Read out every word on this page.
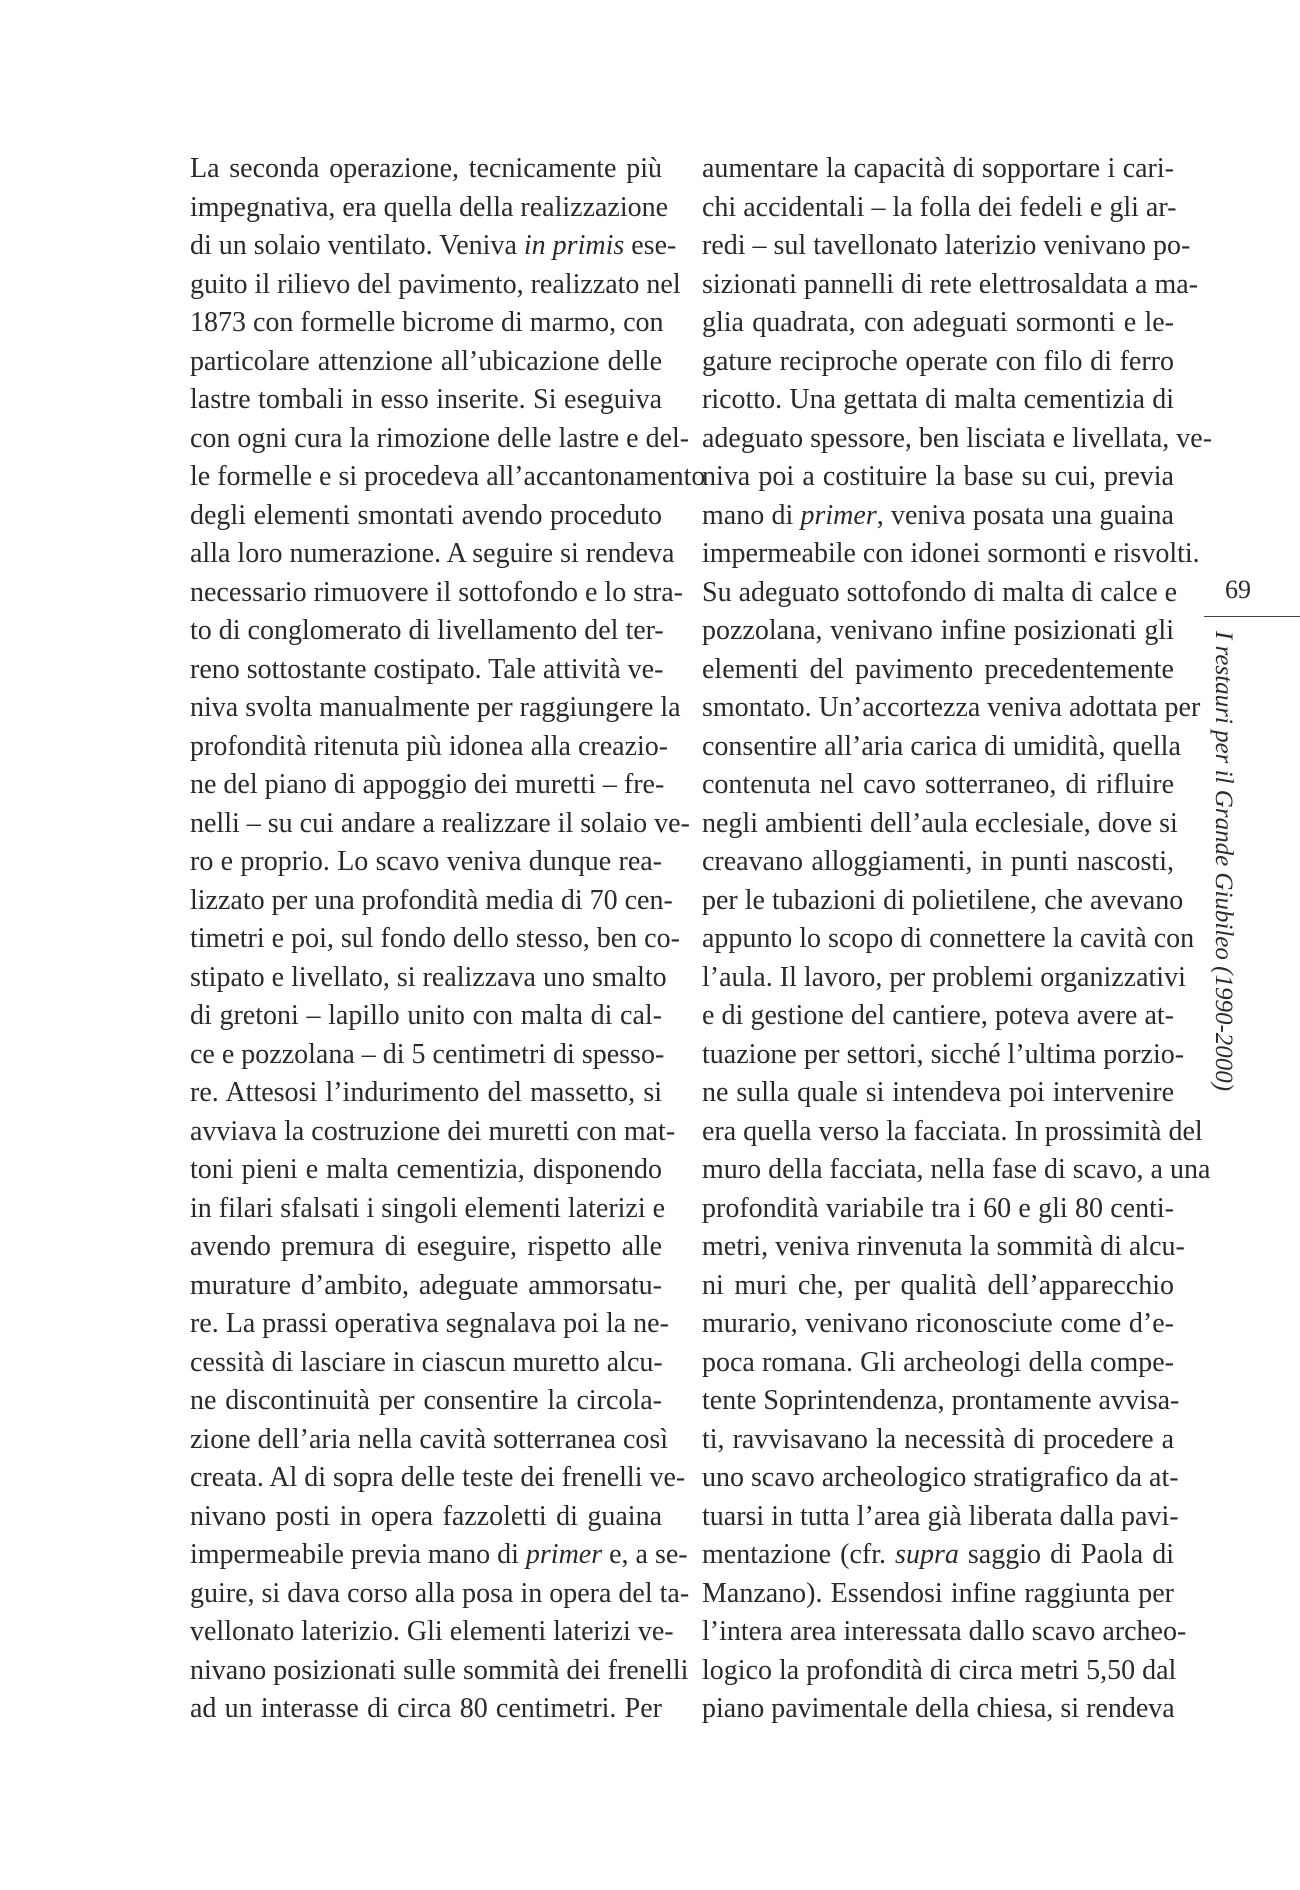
La seconda operazione, tecnicamente più
impegnativa, era quella della realizzazione
di un solaio ventilato. Veniva in primis ese-
guito il rilievo del pavimento, realizzato nel
1873 con formelle bicrome di marmo, con
particolare attenzione all’ubicazione delle
lastre tombali in esso inserite. Si eseguiva
con ogni cura la rimozione delle lastre e del-
le formelle e si procedeva all’accantonamento
degli elementi smontati avendo proceduto
alla loro numerazione. A seguire si rendeva
necessario rimuovere il sottofondo e lo stra-
to di conglomerato di livellamento del ter-
reno sottostante costipato. Tale attività ve-
niva svolta manualmente per raggiungere la
profondità ritenuta più idonea alla creazio-
ne del piano di appoggio dei muretti – fre-
nelli – su cui andare a realizzare il solaio ve-
ro e proprio. Lo scavo veniva dunque rea-
lizzato per una profondità media di 70 cen-
timetri e poi, sul fondo dello stesso, ben co-
stipato e livellato, si realizzava uno smalto
di gretoni – lapillo unito con malta di cal-
ce e pozzolana – di 5 centimetri di spesso-
re. Attesosi l’indurimento del massetto, si
avviava la costruzione dei muretti con mat-
toni pieni e malta cementizia, disponendo
in filari sfalsati i singoli elementi laterizi e
avendo premura di eseguire, rispetto alle
murature d’ambito, adeguate ammorsatu-
re. La prassi operativa segnalava poi la ne-
cessità di lasciare in ciascun muretto alcu-
ne discontinuità per consentire la circola-
zione dell’aria nella cavità sotterranea così
creata. Al di sopra delle teste dei frenelli ve-
nivano posti in opera fazzoletti di guaina
impermeabile previa mano di primer e, a se-
guire, si dava corso alla posa in opera del ta-
vellonato laterizio. Gli elementi laterizi ve-
nivano posizionati sulle sommità dei frenelli
ad un interasse di circa 80 centimetri. Per
aumentare la capacità di sopportare i cari-
chi accidentali – la folla dei fedeli e gli ar-
redi – sul tavellonato laterizio venivano po-
sizionati pannelli di rete elettrosaldata a ma-
glia quadrata, con adeguati sormonti e le-
gature reciproche operate con filo di ferro
ricotto. Una gettata di malta cementizia di
adeguato spessore, ben lisciata e livellata, ve-
niva poi a costituire la base su cui, previa
mano di primer, veniva posata una guaina
impermeabile con idonei sormonti e risvolti.
Su adeguato sottofondo di malta di calce e
pozzolana, venivano infine posizionati gli
elementi del pavimento precedentemente
smontato. Un’accortezza veniva adottata per
consentire all’aria carica di umidità, quella
contenuta nel cavo sotterraneo, di rifluire
negli ambienti dell’aula ecclesiale, dove si
creavano alloggiamenti, in punti nascosti,
per le tubazioni di polietilene, che avevano
appunto lo scopo di connettere la cavità con
l’aula. Il lavoro, per problemi organizzativi
e di gestione del cantiere, poteva avere at-
tuazione per settori, sicché l’ultima porzio-
ne sulla quale si intendeva poi intervenire
era quella verso la facciata. In prossimità del
muro della facciata, nella fase di scavo, a una
profondità variabile tra i 60 e gli 80 centi-
metri, veniva rinvenuta la sommità di alcu-
ni muri che, per qualità dell’apparecchio
murario, venivano riconosciute come d’e-
poca romana. Gli archeologi della compe-
tente Soprintendenza, prontamente avvisa-
ti, ravvisavano la necessità di procedere a
uno scavo archeologico stratigrafico da at-
tuarsi in tutta l’area già liberata dalla pavi-
mentazione (cfr. supra saggio di Paola di
Manzano). Essendosi infine raggiunta per
l’intera area interessata dallo scavo archeo-
logico la profondità di circa metri 5,50 dal
piano pavimentale della chiesa, si rendeva
69
I restauri per il Grande Giubileo (1990-2000)
